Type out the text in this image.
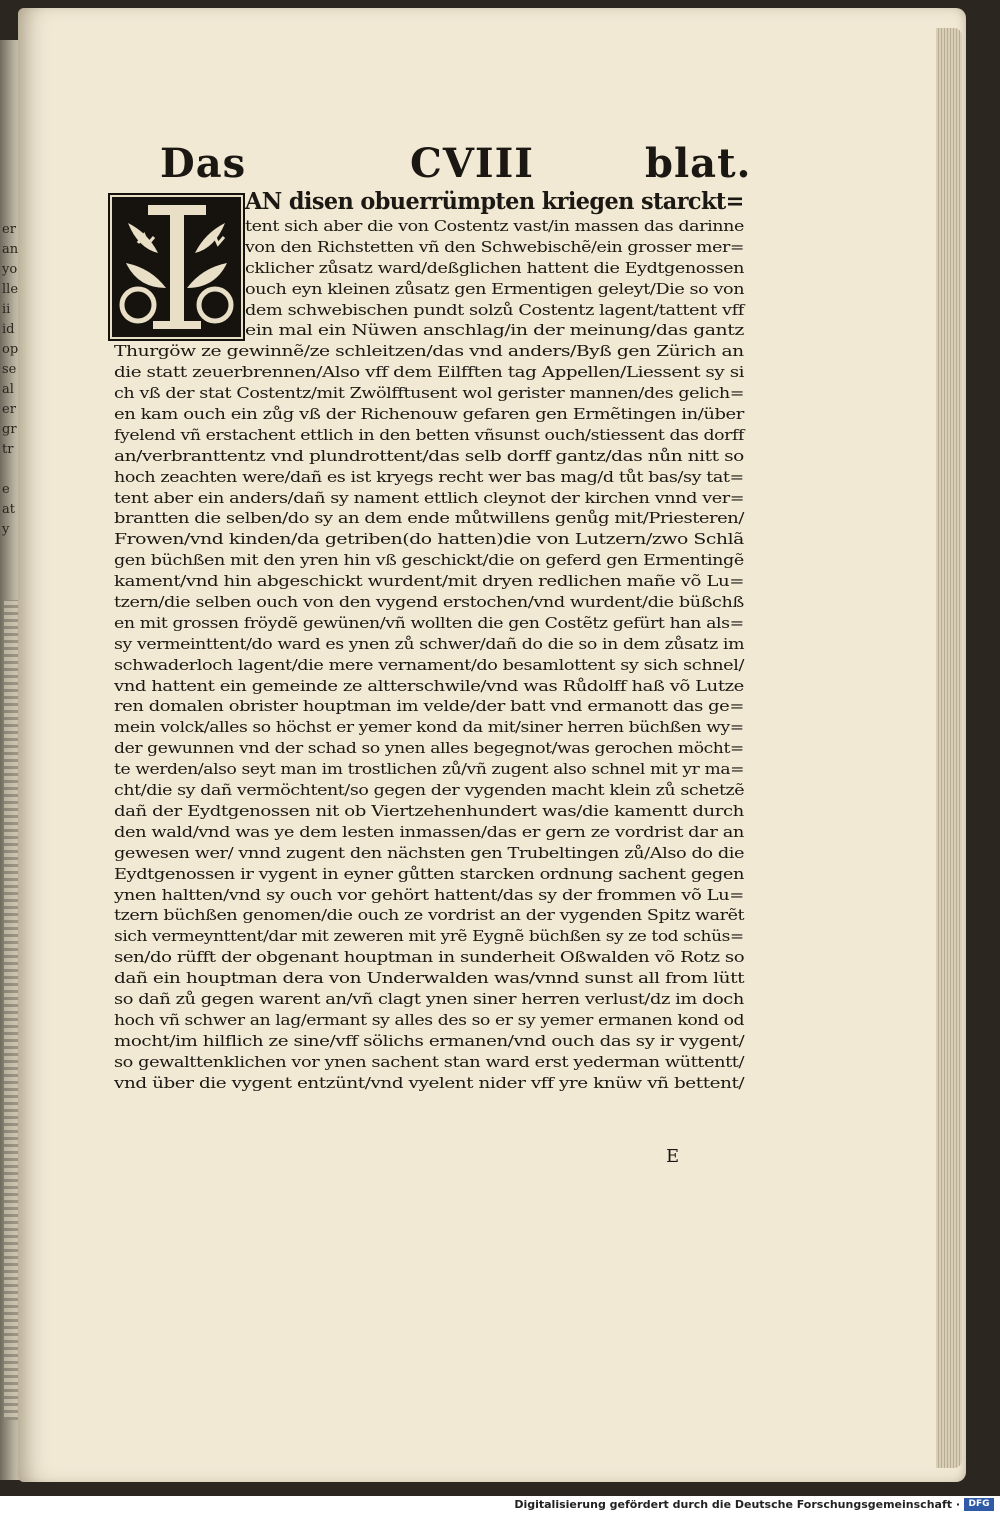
er
an
yo
lle
ii
id
op
se
al
er
gr
tr
e
at
y
Das	CVIII	blat.
AN disen obuerrümpten kriegen starckt=
tent sich aber die von Costentz vast/in massen das darinne
von den Richstetten vñ den Schwebischẽ/ein grosser mer=
cklicher zůsatz ward/deßglichen hattent die Eydtgenossen
ouch eyn kleinen zůsatz gen Ermentigen geleyt/Die so von
dem schwebischen pundt solzů Costentz lagent/tattent vff
ein mal ein Nüwen anschlag/in der meinung/das gantz
Thurgöw ze gewinnẽ/ze schleitzen/das vnd anders/Byß gen Zürich an
die statt zeuerbrennen/Also vff dem Eilfften tag Appellen/Liessent sy si
ch vß der stat Costentz/mit Zwölfftusent wol gerister mannen/des gelich=
en kam ouch ein zůg vß der Richenouw gefaren gen Ermẽtingen in/über
fyelend vñ erstachent ettlich in den betten vñsunst ouch/stiessent das dorff
an/verbranttentz vnd plundrottent/das selb dorff gantz/das nůn nitt so
hoch zeachten were/dañ es ist kryegs recht wer bas mag/d tůt bas/sy tat=
tent aber ein anders/dañ sy nament ettlich cleynot der kirchen vnnd ver=
brantten die selben/do sy an dem ende můtwillens genůg mit/Priesteren/
Frowen/vnd kinden/da getriben(do hatten)die von Lutzern/zwo Schlã
gen büchßen mit den yren hin vß geschickt/die on geferd gen Ermentingẽ
kament/vnd hin abgeschickt wurdent/mit dryen redlichen mañe võ Lu=
tzern/die selben ouch von den vygend erstochen/vnd wurdent/die büßchß
en mit grossen fröydẽ gewünen/vñ wollten die gen Costẽtz gefürt han als=
sy vermeinttent/do ward es ynen zů schwer/dañ do die so in dem zůsatz im
schwaderloch lagent/die mere vernament/do besamlottent sy sich schnel/
vnd hattent ein gemeinde ze altterschwile/vnd was Růdolff haß võ Lutze
ren domalen obrister houptman im velde/der batt vnd ermanott das ge=
mein volck/alles so höchst er yemer kond da mit/siner herren büchßen wy=
der gewunnen vnd der schad so ynen alles begegnot/was gerochen möcht=
te werden/also seyt man im trostlichen zů/vñ zugent also schnel mit yr ma=
cht/die sy dañ vermöchtent/so gegen der vygenden macht klein zů schetzẽ
dañ der Eydtgenossen nit ob Viertzehenhundert was/die kamentt durch
den wald/vnd was ye dem lesten inmassen/das er gern ze vordrist dar an
gewesen wer/ vnnd zugent den nächsten gen Trubeltingen zů/Also do die
Eydtgenossen ir vygent in eyner gůtten starcken ordnung sachent gegen
ynen haltten/vnd sy ouch vor gehört hattent/das sy der frommen võ Lu=
tzern büchßen genomen/die ouch ze vordrist an der vygenden Spitz warẽt
sich vermeynttent/dar mit zeweren mit yrẽ Eygnẽ büchßen sy ze tod schüs=
sen/do rüfft der obgenant houptman in sunderheit Oßwalden võ Rotz so
dañ ein houptman dera von Underwalden was/vnnd sunst all from lütt
so dañ zů gegen warent an/vñ clagt ynen siner herren verlust/dz im doch
hoch vñ schwer an lag/ermant sy alles des so er sy yemer ermanen kond od
mocht/im hilflich ze sine/vff sölichs ermanen/vnd ouch das sy ir vygent/
so gewalttenklichen vor ynen sachent stan ward erst yederman wüttentt/
vnd über die vygent entzünt/vnd vyelent nider vff yre knüw vñ bettent/
E
Digitalisierung gefördert durch die Deutsche Forschungsgemeinschaft · DFG
